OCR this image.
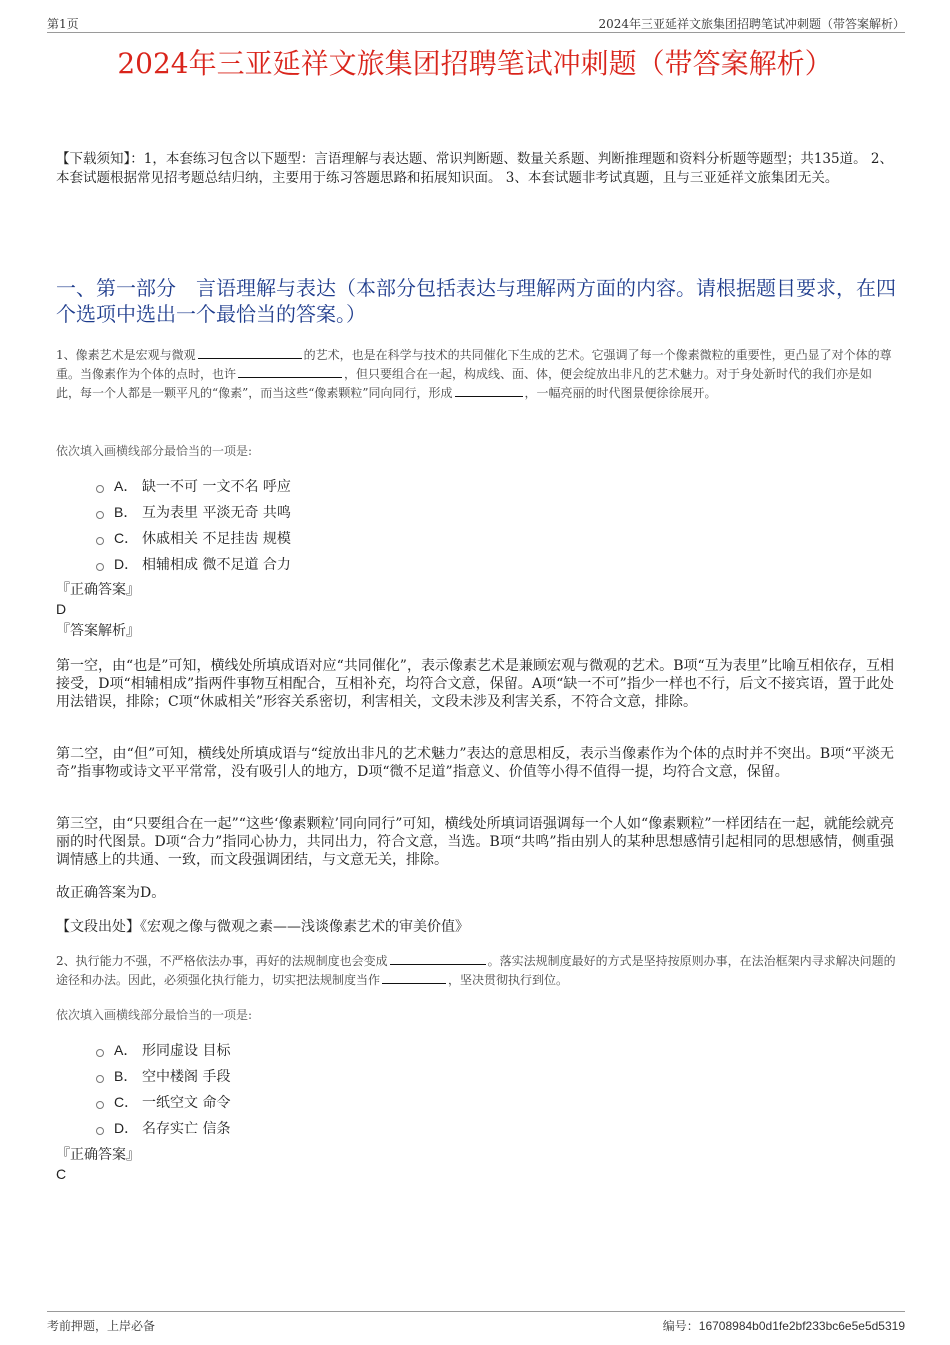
第1页	2024年三亚延祥文旅集团招聘笔试冲刺题（带答案解析）
2024年三亚延祥文旅集团招聘笔试冲刺题（带答案解析）

【下载须知】：1，本套练习包含以下题型：言语理解与表达题、常识判断题、数量关系题、判断推理题和资料分析题等题型；共135道。 2、本套试题根据常见招考题总结归纳，主要用于练习答题思路和拓展知识面。 3、本套试题非考试真题，且与三亚延祥文旅集团无关。

一、第一部分　言语理解与表达（本部分包括表达与理解两方面的内容。请根据题目要求，在四个选项中选出一个最恰当的答案。）

1、像素艺术是宏观与微观	的艺术，也是在科学与技术的共同催化下生成的艺术。它强调了每一个像素微粒的重要性，更凸显了对个体的尊重。当像素作为个体的点时，也许	，但只要组合在一起，构成线、面、体，便会绽放出非凡的艺术魅力。对于身处新时代的我们亦是如此，每一个人都是一颗平凡的“像素”，而当这些“像素颗粒”同向同行，形成	，一幅亮丽的时代图景便徐徐展开。

依次填入画横线部分最恰当的一项是:

A． 缺一不可 一文不名 呼应
B． 互为表里 平淡无奇 共鸣
C． 休戚相关 不足挂齿 规模
D． 相辅相成 微不足道 合力

『正确答案』

D

『答案解析』

第一空，由“也是”可知，横线处所填成语对应“共同催化”，表示像素艺术是兼顾宏观与微观的艺术。B项“互为表里”比喻互相依存，互相接受，D项“相辅相成”指两件事物互相配合，互相补充，均符合文意，保留。A项“缺一不可”指少一样也不行，后文不接宾语，置于此处用法错误，排除；C项“休戚相关”形容关系密切，利害相关，文段未涉及利害关系，不符合文意，排除。

第二空，由“但”可知，横线处所填成语与“绽放出非凡的艺术魅力”表达的意思相反，表示当像素作为个体的点时并不突出。B项“平淡无奇”指事物或诗文平平常常，没有吸引人的地方，D项“微不足道”指意义、价值等小得不值得一提，均符合文意，保留。

第三空，由“只要组合在一起”“这些‘像素颗粒’同向同行”可知，横线处所填词语强调每一个人如“像素颗粒”一样团结在一起，就能绘就亮丽的时代图景。D项“合力”指同心协力，共同出力，符合文意，当选。B项“共鸣”指由别人的某种思想感情引起相同的思想感情，侧重强调情感上的共通、一致，而文段强调团结，与文意无关，排除。

故正确答案为D。

【文段出处】《宏观之像与微观之素——浅谈像素艺术的审美价值》

2、执行能力不强，不严格依法办事，再好的法规制度也会变成	。落实法规制度最好的方式是坚持按原则办事，在法治框架内寻求解决问题的途径和办法。因此，必须强化执行能力，切实把法规制度当作	，坚决贯彻执行到位。

依次填入画横线部分最恰当的一项是:

A． 形同虚设 目标
B． 空中楼阁 手段
C． 一纸空文 命令
D． 名存实亡 信条

『正确答案』

C

考前押题，上岸必备	编号：16708984b0d1fe2bf233bc6e5e5d5319
